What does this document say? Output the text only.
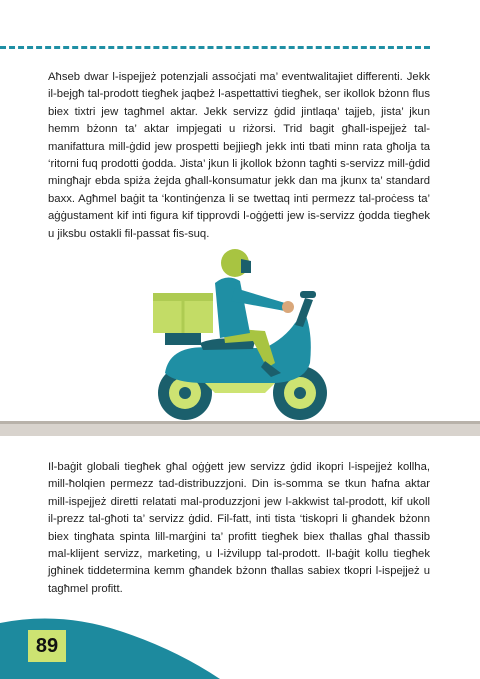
Aħseb dwar l-ispejjeż potenzjali assoċjati ma’ eventwalitajiet differenti. Jekk il-bejgħ tal-prodott tiegħek jaqbeż l-aspettattivi tiegħek, ser ikollok bżonn flus biex tixtri jew tagħmel aktar. Jekk servizz ġdid jintlaqa’ tajjeb, jista’ jkun hemm bżonn ta’ aktar impjegati u riżorsi. Trid bagit għall-ispejjeż tal-manifattura mill-ġdid jew prospetti bejjiegħ jekk inti tbati minn rata għolja ta ‘ritorni fuq prodotti ġodda. Jista’ jkun li jkollok bżonn tagħti s-servizz mill-ġdid mingħajr ebda spiża żejda għall-konsumatur jekk dan ma jkunx ta’ standard baxx. Agħmel baġit ta ‘kontinġenza li se twettaq inti permezz tal-proċess ta’ aġġustament kif inti figura kif tipprovdi l-oġġetti jew is-servizz ġodda tiegħek u jiksbu ostakli fil-passat fis-suq.

Il-baġit globali tiegħek għal oġġett jew servizz ġdid ikopri l-ispejjeż kollha, mill-ħolqien permezz tad-distribuzzjoni. Din is-somma se tkun ħafna aktar mill-ispejjeż diretti relatati mal-produzzjoni jew l-akkwist tal-prodott, kif ukoll il-prezz tal-għoti ta’ servizz ġdid. Fil-fatt, inti tista ‘tiskopri li għandek bżonn biex tingħata spinta lill-marġini ta’ profitt tiegħek biex tħallas għal tħassib mal-klijent servizz, marketing, u l-iżvilupp tal-prodott. Il-baġit kollu tiegħek jgħinek tiddetermina kemm għandek bżonn tħallas sabiex tkopri l-ispejjeż u tagħmel profitt.

89
